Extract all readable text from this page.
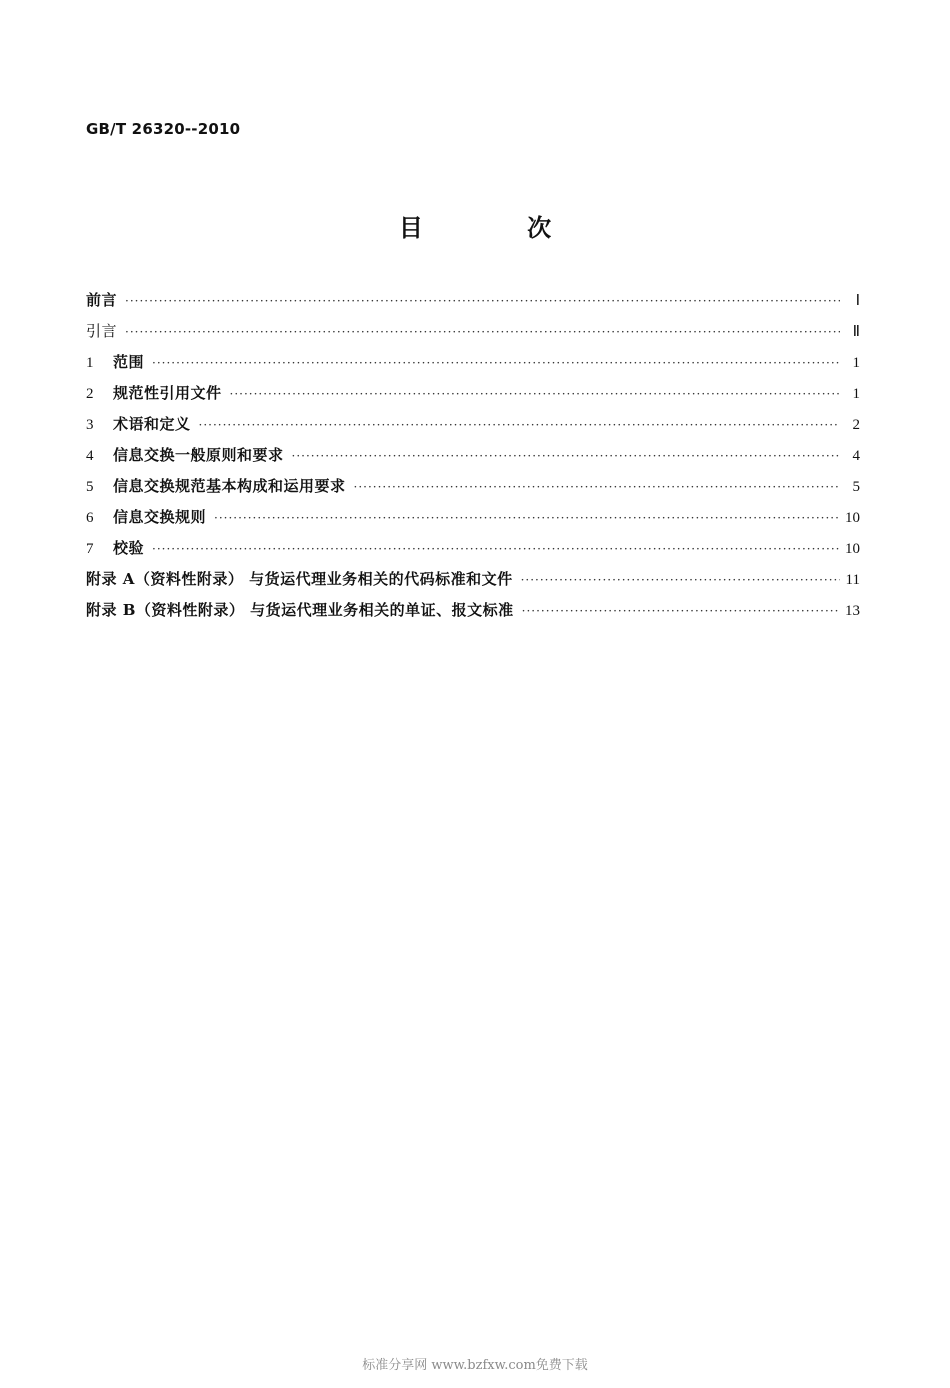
GB/T 26320--2010
目 次
前言 ·····	Ⅰ
引言 ·····	Ⅱ
1	范围 ·····	1
2	规范性引用文件 ·····	1
3	术语和定义 ·····	2
4	信息交换一般原则和要求 ·····	4
5	信息交换规范基本构成和运用要求 ·····	5
6	信息交换规则 ·····	10
7	校验 ·····	10
附录 A（资料性附录） 与货运代理业务相关的代码标准和文件 ·····	11
附录 B（资料性附录） 与货运代理业务相关的单证、报文标准 ·····	13
标准分享网 www.bzfxw.com免费下载
